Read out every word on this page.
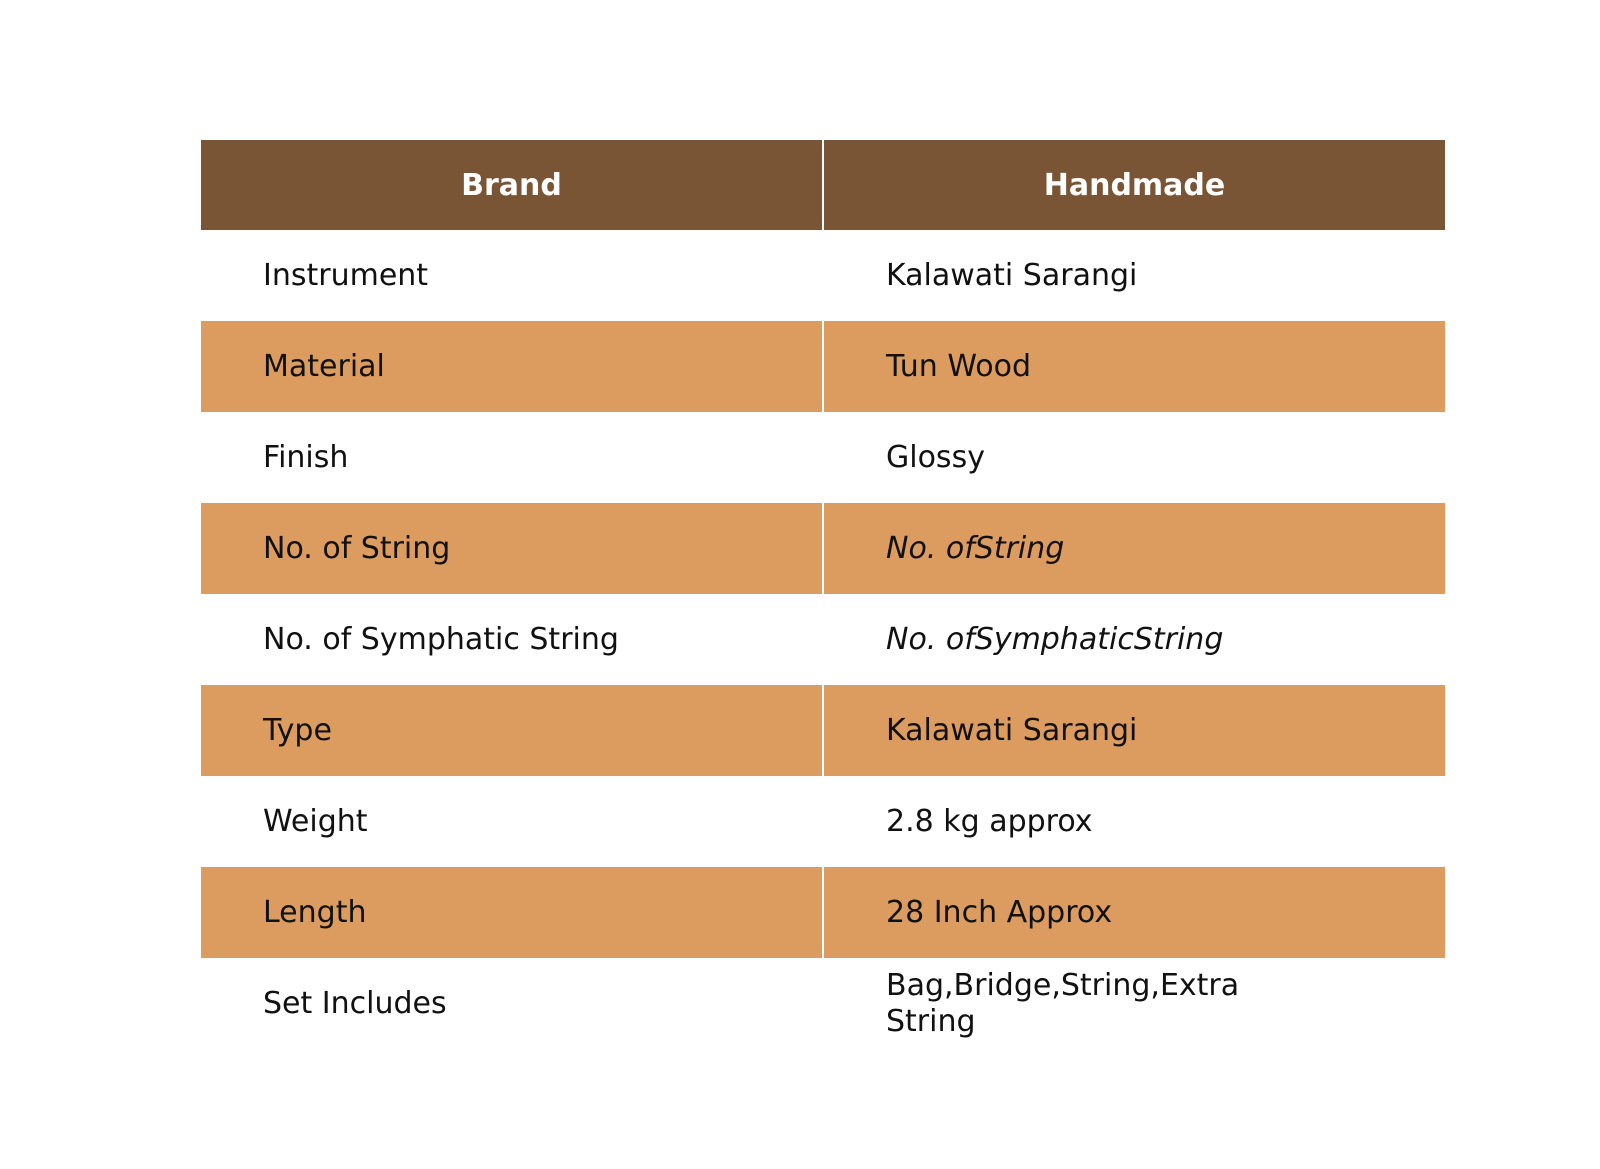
Brand	Handmade
Instrument	Kalawati Sarangi
Material	Tun Wood
Finish	Glossy
No. of String	No. ofString
No. of Symphatic String	No. ofSymphaticString
Type	Kalawati Sarangi
Weight	2.8 kg approx
Length	28 Inch Approx
Set Includes	Bag,Bridge,String,Extra String
